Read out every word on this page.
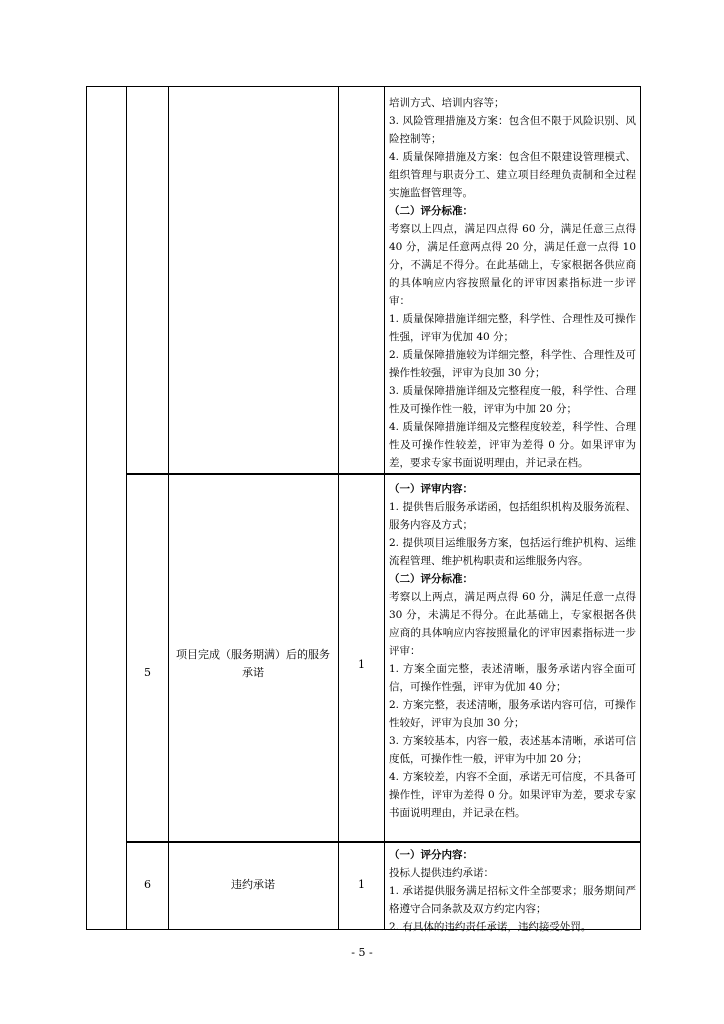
培训方式、培训内容等；

3. 风险管理措施及方案：包含但不限于风险识别、风险控制等；

4. 质量保障措施及方案：包含但不限建设管理模式、组织管理与职责分工、建立项目经理负责制和全过程实施监督管理等。

（二）评分标准：

考察以上四点，满足四点得 60 分，满足任意三点得 40 分，满足任意两点得 20 分，满足任意一点得 10 分，不满足不得分。在此基础上，专家根据各供应商的具体响应内容按照量化的评审因素指标进一步评审：

1. 质量保障措施详细完整，科学性、合理性及可操作性强，评审为优加 40 分；

2. 质量保障措施较为详细完整，科学性、合理性及可操作性较强，评审为良加 30 分；

3. 质量保障措施详细及完整程度一般，科学性、合理性及可操作性一般，评审为中加 20 分；

4. 质量保障措施详细及完整程度较差，科学性、合理性及可操作性较差，评审为差得 0 分。如果评审为差，要求专家书面说明理由，并记录在档。

5
项目完成（服务期满）后的服务承诺
1

（一）评审内容：

1. 提供售后服务承诺函，包括组织机构及服务流程、服务内容及方式；

2. 提供项目运维服务方案，包括运行维护机构、运维流程管理、维护机构职责和运维服务内容。

（二）评分标准：

考察以上两点，满足两点得 60 分，满足任意一点得 30 分，未满足不得分。在此基础上，专家根据各供应商的具体响应内容按照量化的评审因素指标进一步评审：

1. 方案全面完整，表述清晰，服务承诺内容全面可信，可操作性强，评审为优加 40 分；

2. 方案完整，表述清晰，服务承诺内容可信，可操作性较好，评审为良加 30 分；

3. 方案较基本，内容一般，表述基本清晰，承诺可信度低，可操作性一般，评审为中加 20 分；

4. 方案较差，内容不全面，承诺无可信度，不具备可操作性，评审为差得 0 分。如果评审为差，要求专家书面说明理由，并记录在档。

6	违约承诺	1

（一）评分内容：

投标人提供违约承诺：

1. 承诺提供服务满足招标文件全部要求；服务期间严格遵守合同条款及双方约定内容；

2. 有具体的违约责任承诺，违约接受处罚。

- 5 -
